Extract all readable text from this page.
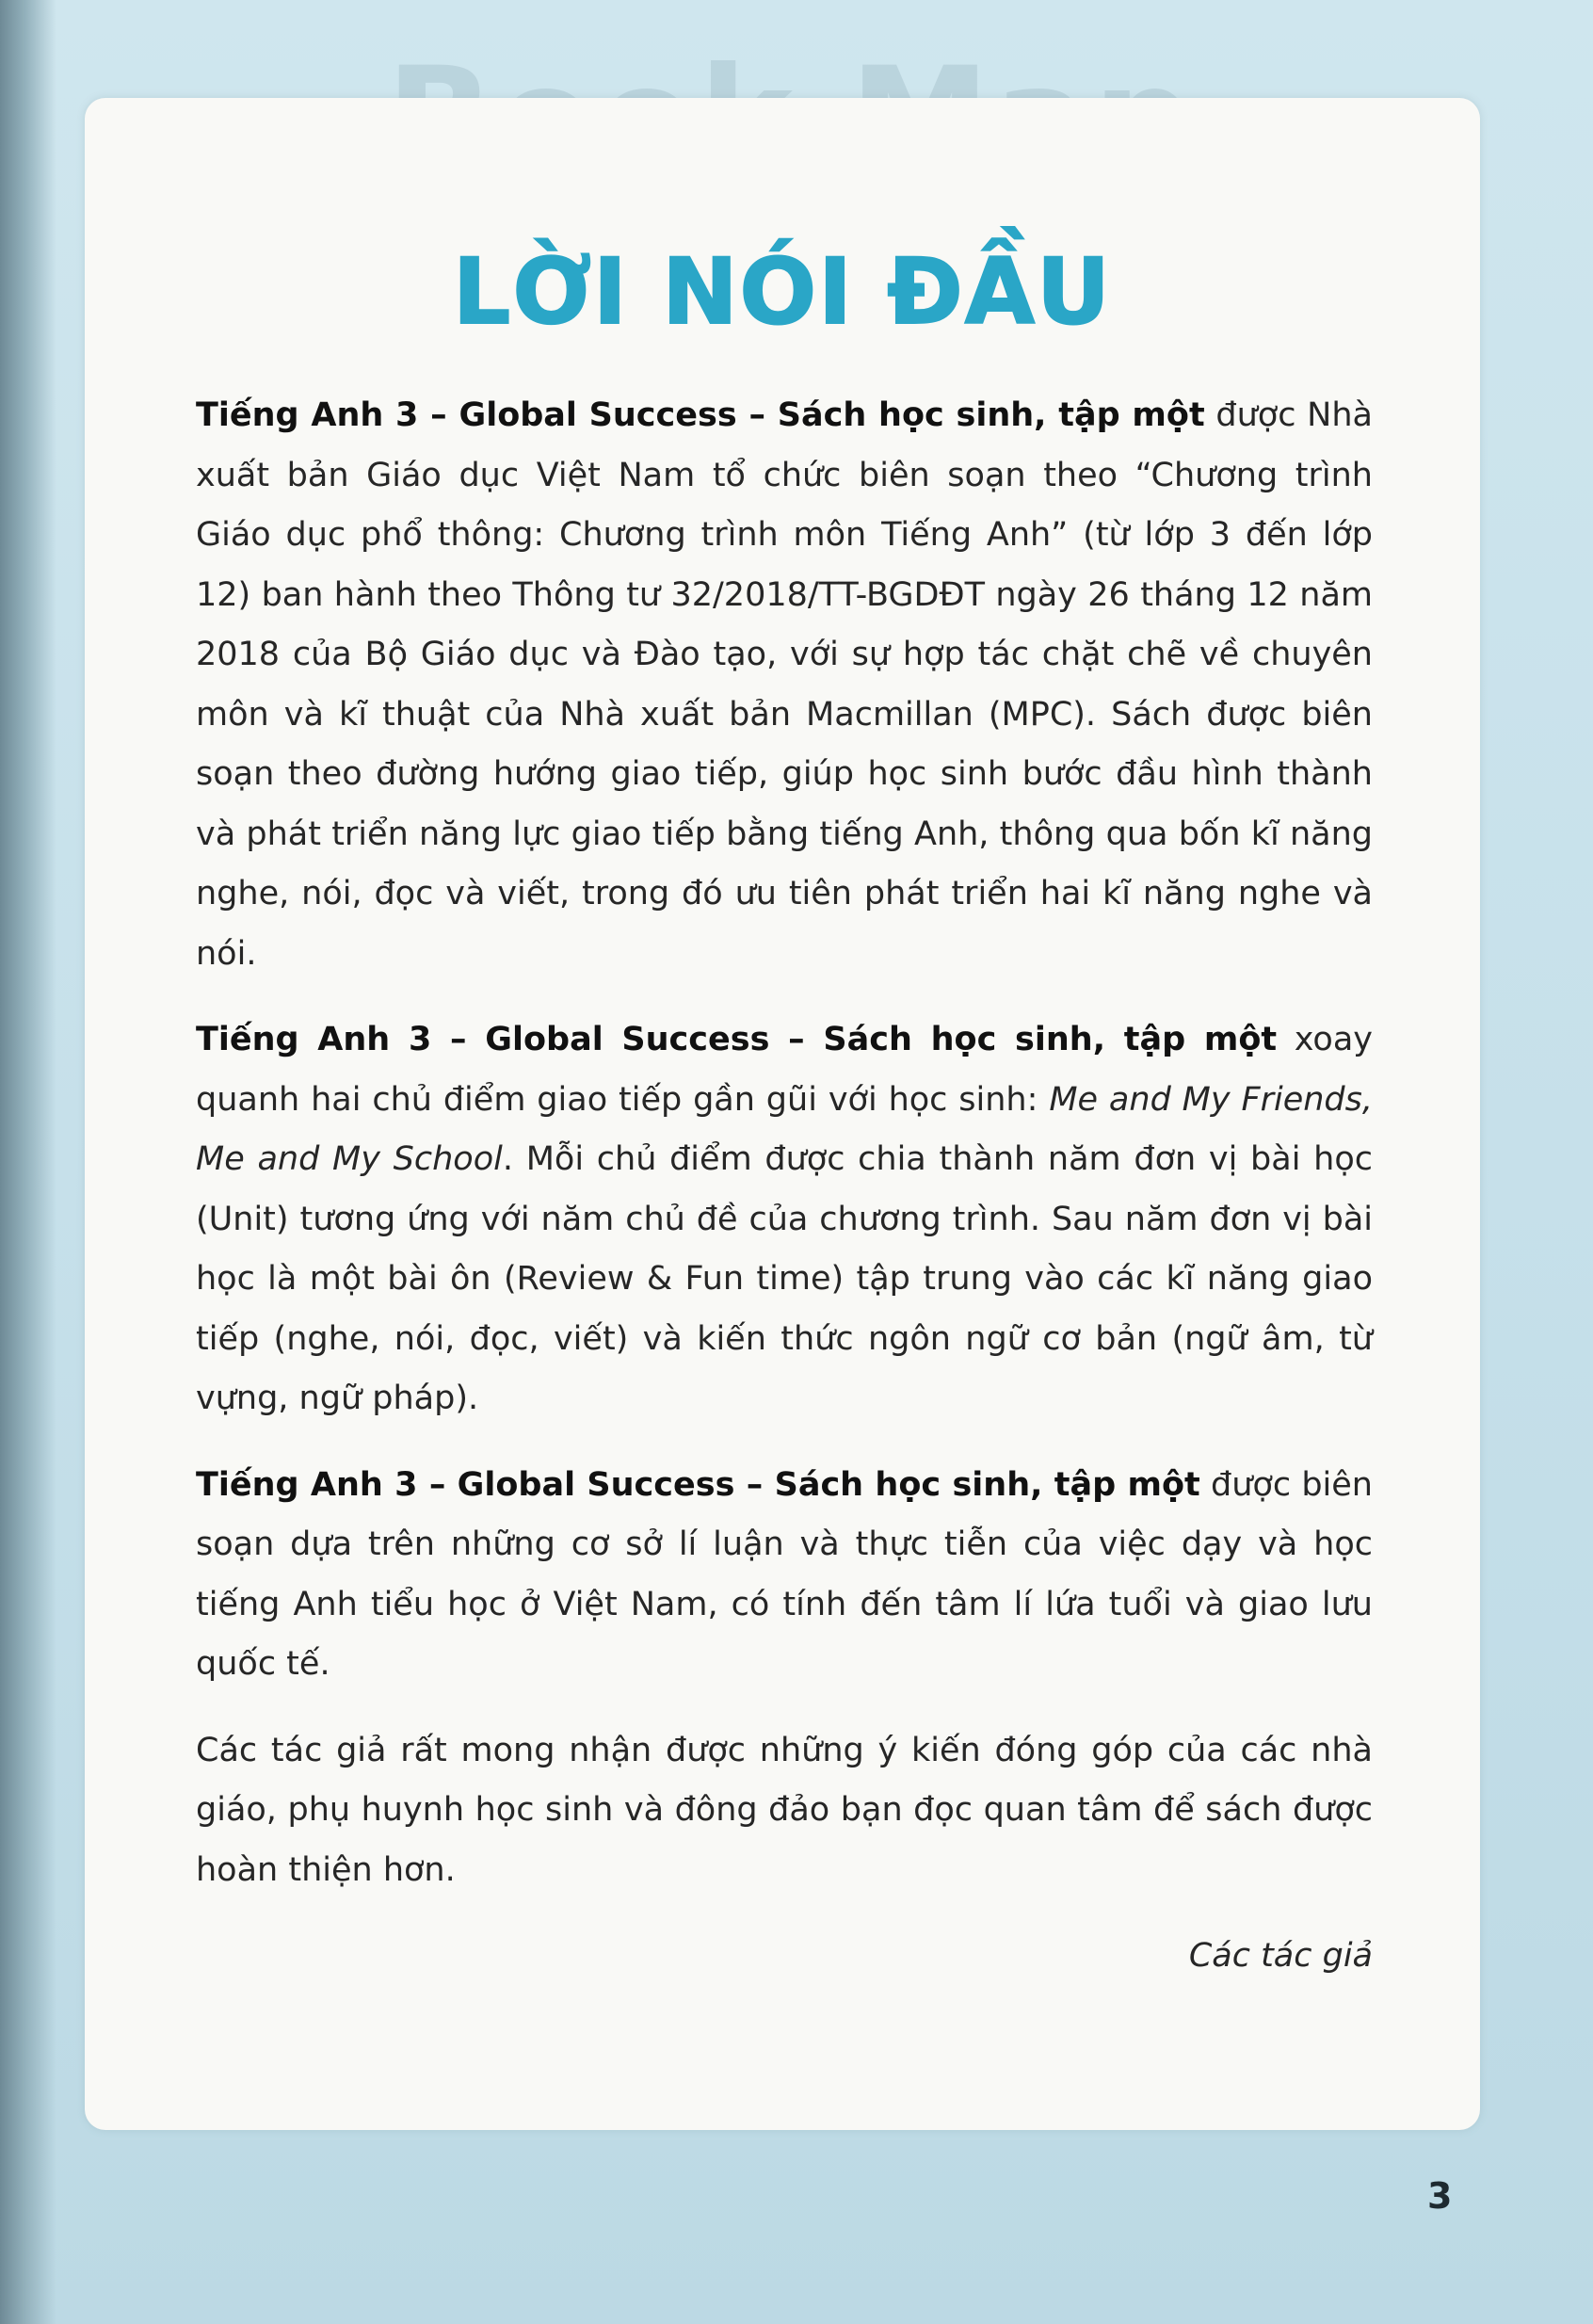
LỜI NÓI ĐẦU

Tiếng Anh 3 – Global Success – Sách học sinh, tập một được Nhà xuất bản Giáo dục Việt Nam tổ chức biên soạn theo “Chương trình Giáo dục phổ thông: Chương trình môn Tiếng Anh” (từ lớp 3 đến lớp 12) ban hành theo Thông tư 32/2018/TT-BGDĐT ngày 26 tháng 12 năm 2018 của Bộ Giáo dục và Đào tạo, với sự hợp tác chặt chẽ về chuyên môn và kĩ thuật của Nhà xuất bản Macmillan (MPC). Sách được biên soạn theo đường hướng giao tiếp, giúp học sinh bước đầu hình thành và phát triển năng lực giao tiếp bằng tiếng Anh, thông qua bốn kĩ năng nghe, nói, đọc và viết, trong đó ưu tiên phát triển hai kĩ năng nghe và nói.

Tiếng Anh 3 – Global Success – Sách học sinh, tập một xoay quanh hai chủ điểm giao tiếp gần gũi với học sinh: Me and My Friends, Me and My School. Mỗi chủ điểm được chia thành năm đơn vị bài học (Unit) tương ứng với năm chủ đề của chương trình. Sau năm đơn vị bài học là một bài ôn (Review & Fun time) tập trung vào các kĩ năng giao tiếp (nghe, nói, đọc, viết) và kiến thức ngôn ngữ cơ bản (ngữ âm, từ vựng, ngữ pháp).

Tiếng Anh 3 – Global Success – Sách học sinh, tập một được biên soạn dựa trên những cơ sở lí luận và thực tiễn của việc dạy và học tiếng Anh tiểu học ở Việt Nam, có tính đến tâm lí lứa tuổi và giao lưu quốc tế.

Các tác giả rất mong nhận được những ý kiến đóng góp của các nhà giáo, phụ huynh học sinh và đông đảo bạn đọc quan tâm để sách được hoàn thiện hơn.

Các tác giả
3
